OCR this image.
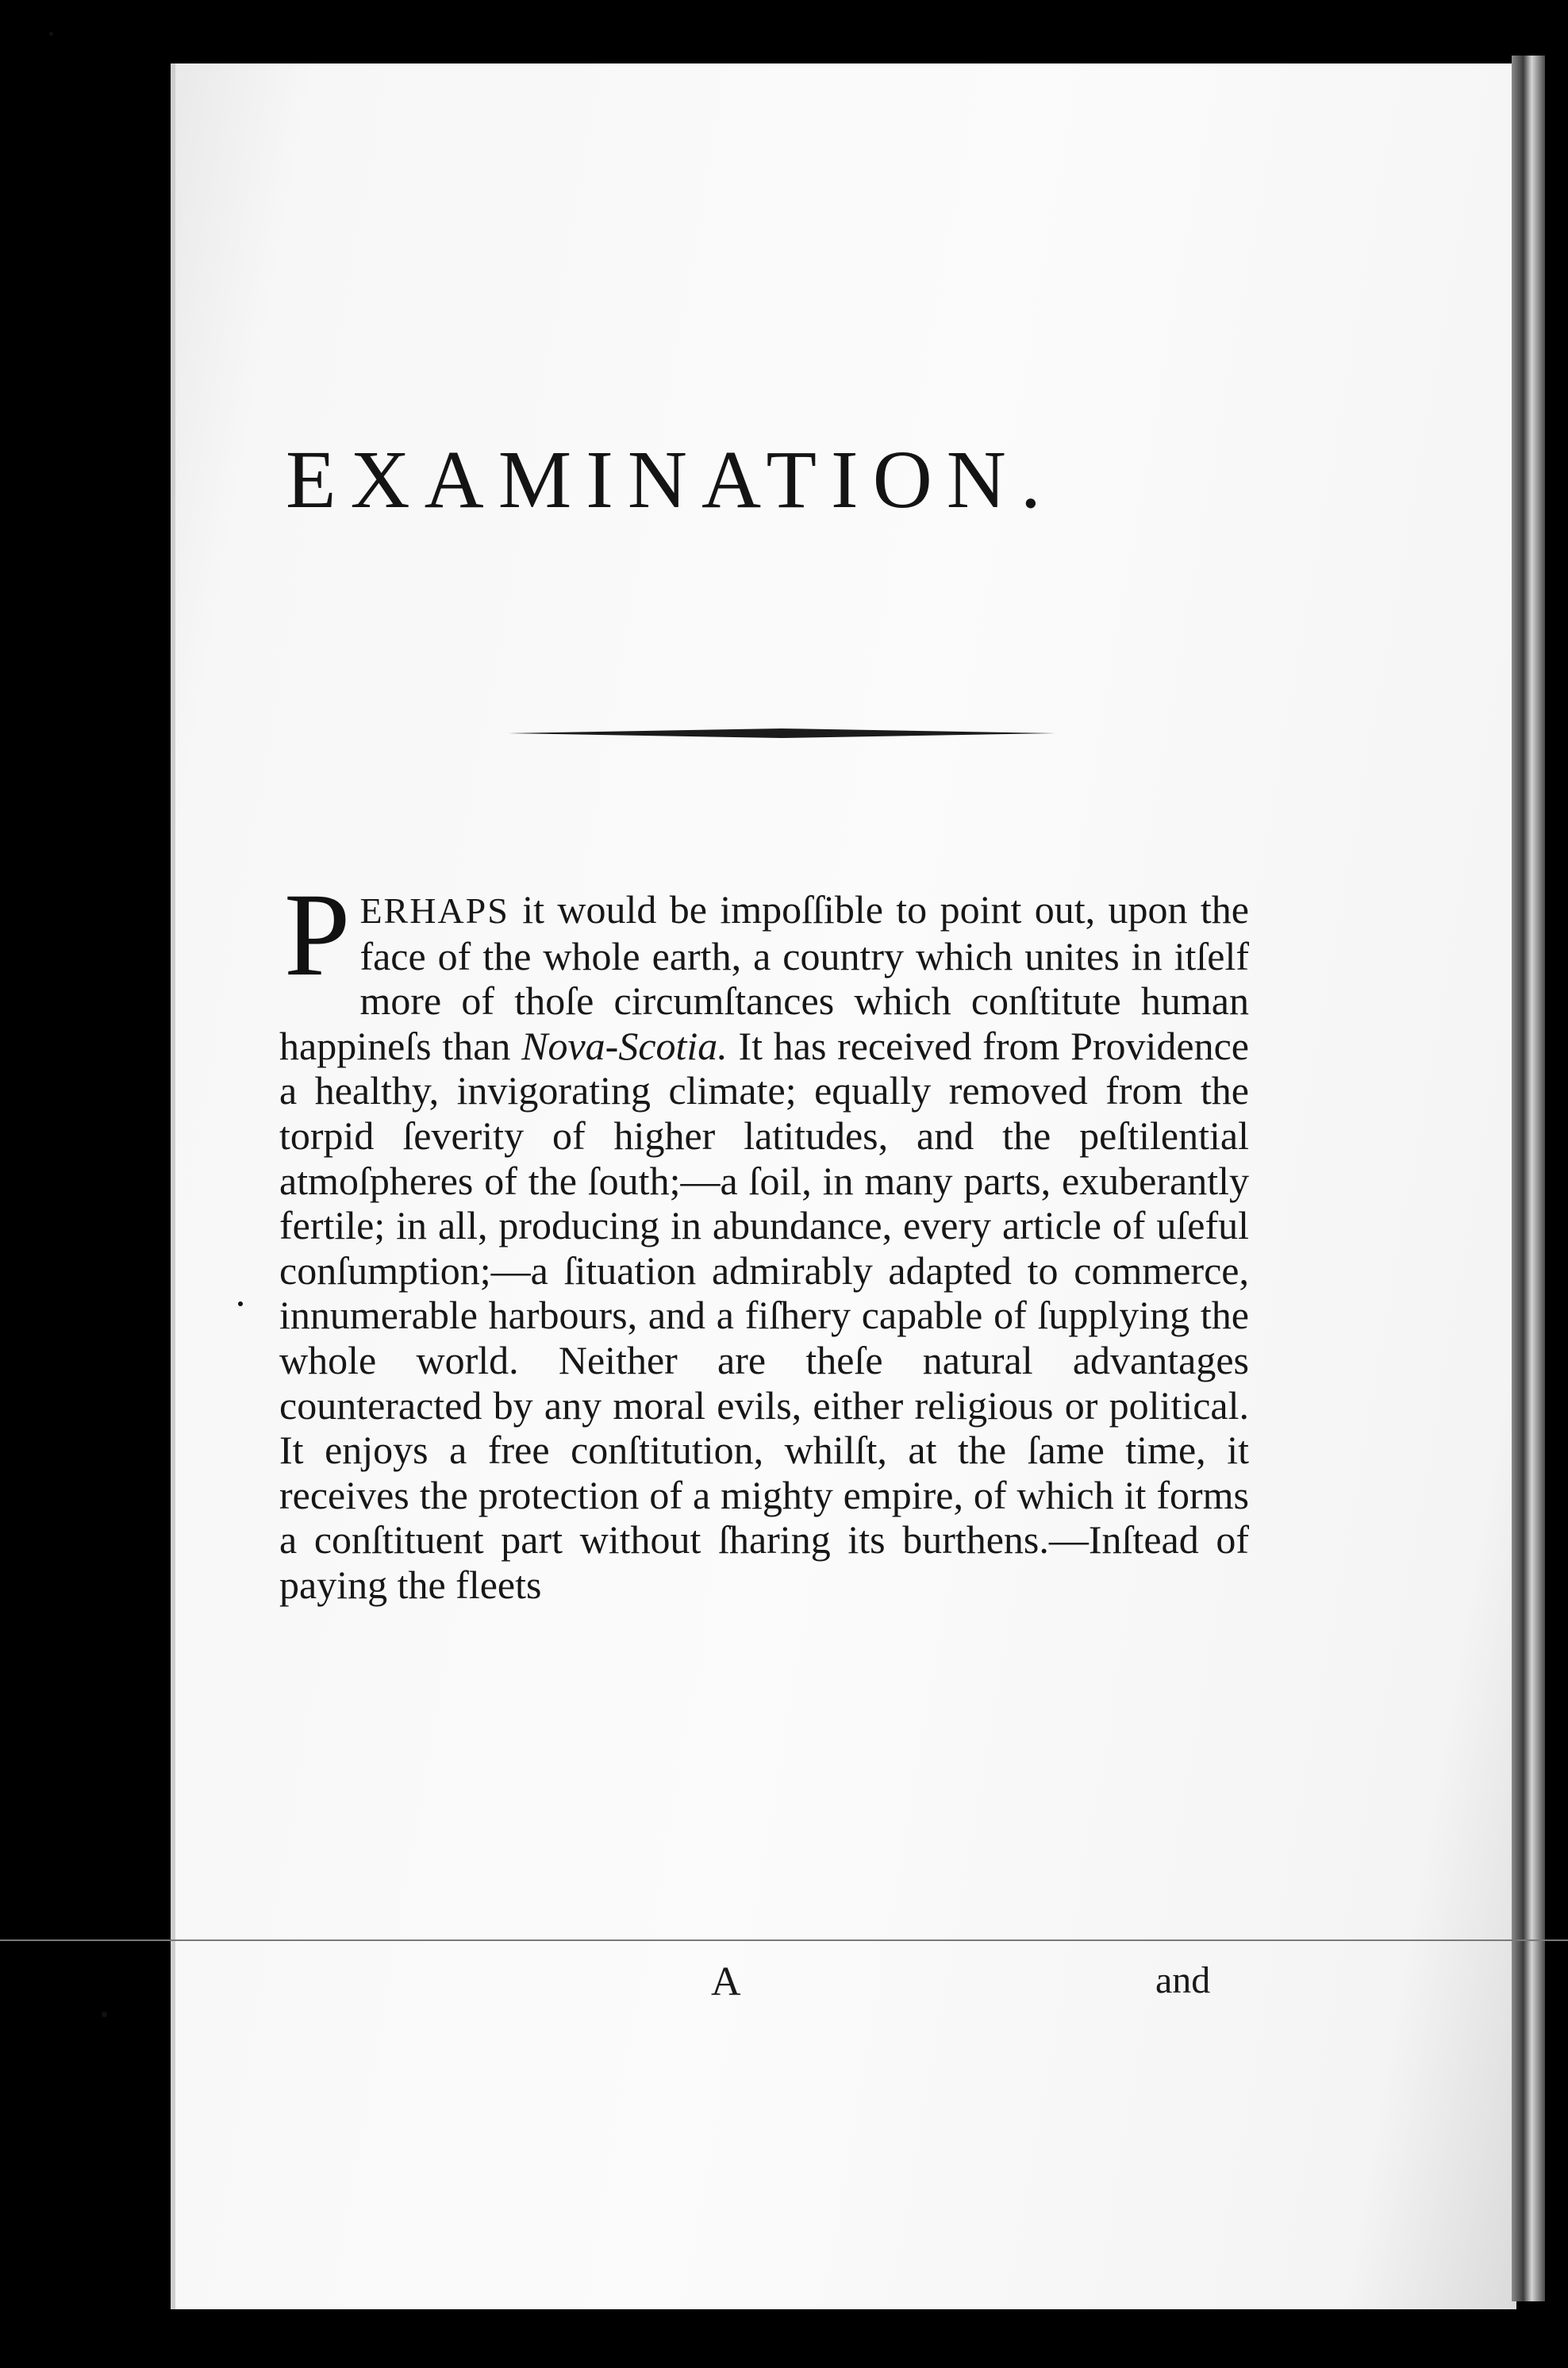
EXAMINATION.

PERHAPS it would be impoſſible to point out, upon the face of the whole earth, a country which unites in itſelf more of thoſe circumſtances which conſtitute human happineſs than Nova-Scotia. It has received from Providence a healthy, invigorating climate; equally removed from the torpid ſeverity of higher latitudes, and the peſtilential atmoſpheres of the ſouth;—a ſoil, in many parts, exuberantly fertile; in all, producing in abundance, every article of uſeful conſumption;—a ſituation admirably adapted to commerce, innumerable harbours, and a fiſhery capable of ſupplying the whole world. Neither are theſe natural advantages counteracted by any moral evils, either religious or political. It enjoys a free conſtitution, whilſt, at the ſame time, it receives the protection of a mighty empire, of which it forms a conſtituent part without ſharing its burthens.—Inſtead of paying the fleets

A	and
